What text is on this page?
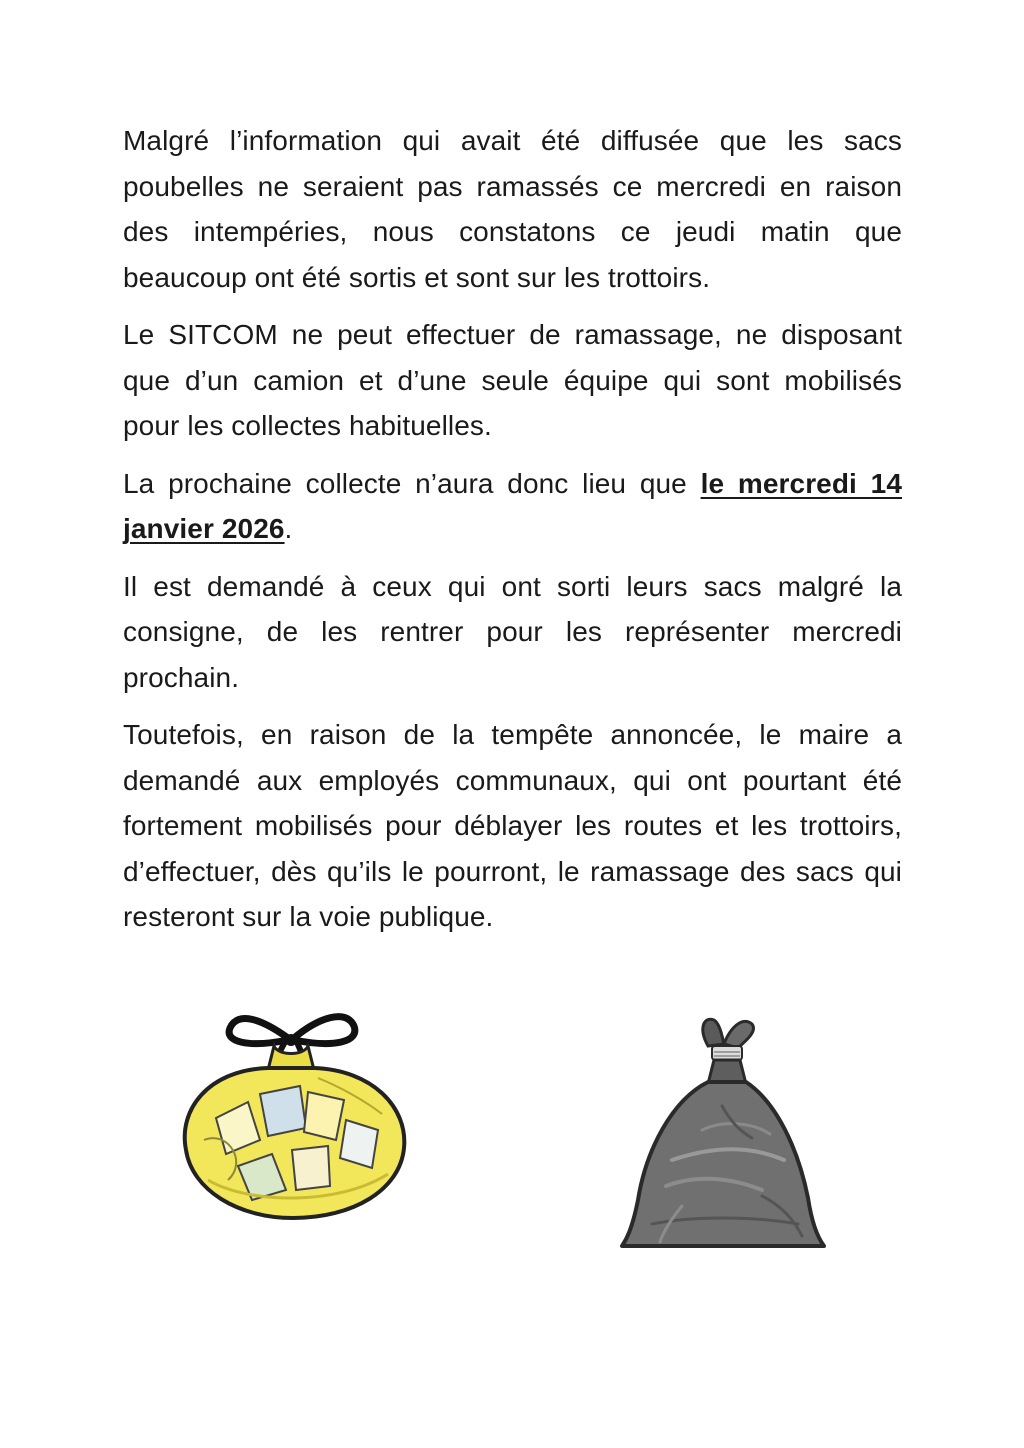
Malgré l’information qui avait été diffusée que les sacs poubelles ne seraient pas ramassés ce mercredi en raison des intempéries, nous constatons ce jeudi matin que beaucoup ont été sortis et sont sur les trottoirs.

Le SITCOM ne peut effectuer de ramassage, ne disposant que d’un camion et d’une seule équipe qui sont mobilisés pour les collectes habituelles.

La prochaine collecte n’aura donc lieu que le mercredi 14 janvier 2026.

Il est demandé à ceux qui ont sorti leurs sacs malgré la consigne, de les rentrer pour les représenter mercredi prochain.

Toutefois, en raison de la tempête annoncée, le maire a demandé aux employés communaux, qui ont pourtant été fortement mobilisés pour déblayer les routes et les trottoirs, d’effectuer, dès qu’ils le pourront, le ramassage des sacs qui resteront sur la voie publique.
